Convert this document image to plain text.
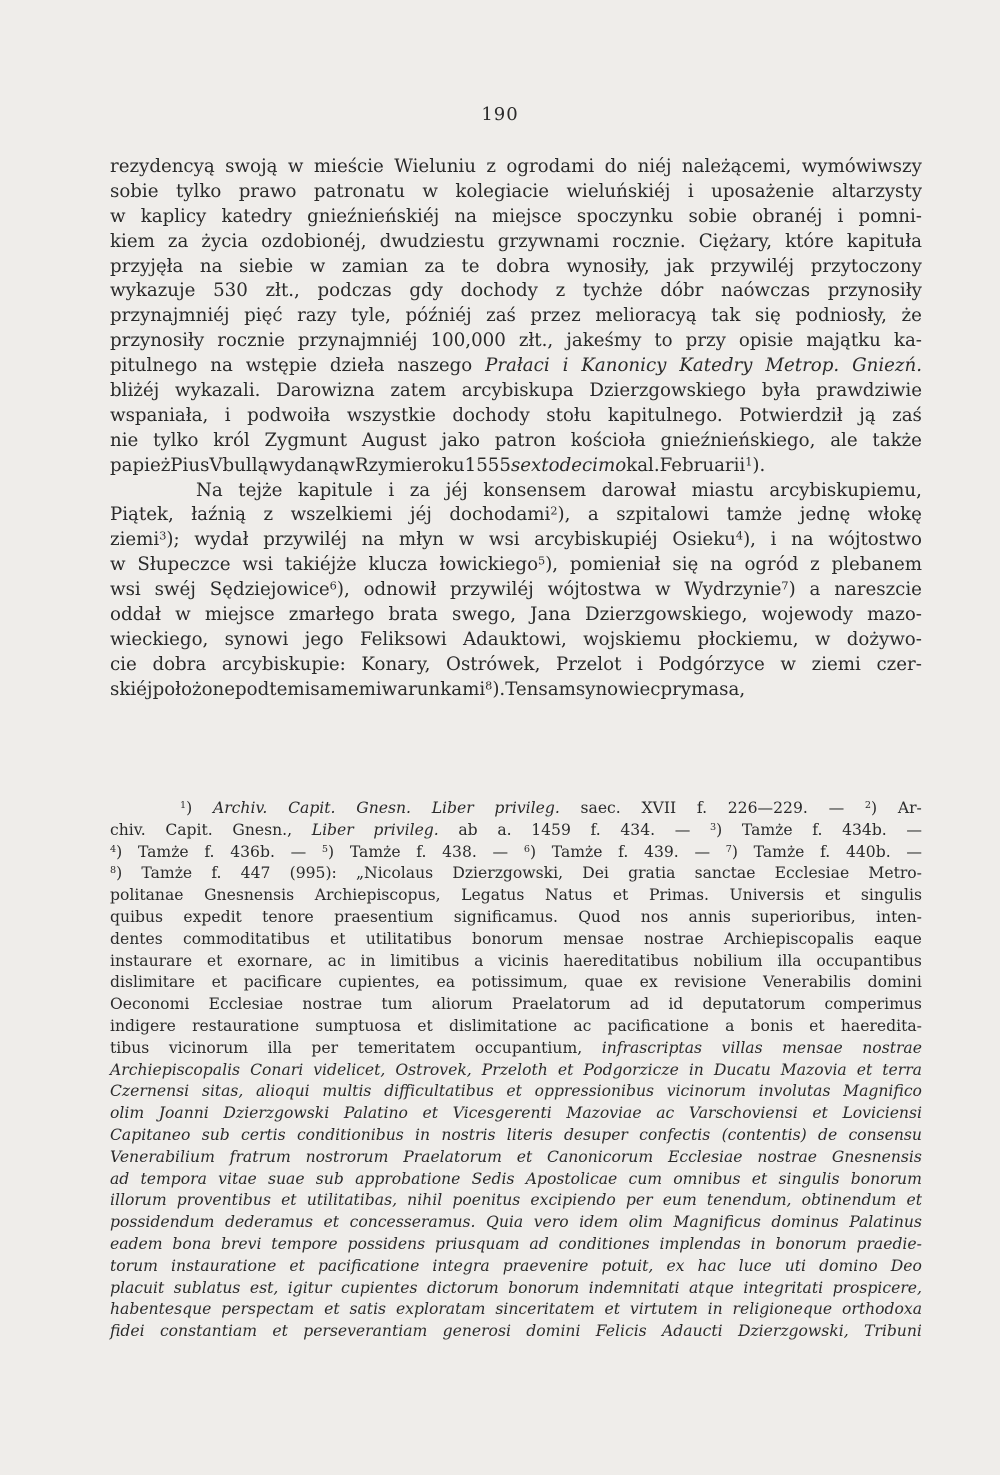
190
rezydencyą swoją w mieście Wieluniu z ogrodami do niéj należącemi, wymówiwszy
sobie tylko prawo patronatu w kolegiacie wieluńskiéj i uposażenie altarzysty
w kaplicy katedry gnieźnieńskiéj na miejsce spoczynku sobie obranéj i pomni-
kiem za życia ozdobionéj, dwudziestu grzywnami rocznie. Ciężary, które kapituła
przyjęła na siebie w zamian za te dobra wynosiły, jak przywiléj przytoczony
wykazuje 530 złt., podczas gdy dochody z tychże dóbr naówczas przynosiły
przynajmniéj pięć razy tyle, późniéj zaś przez melioracyą tak się podniosły, że
przynosiły rocznie przynajmniéj 100,000 złt., jakeśmy to przy opisie majątku ka-
pitulnego na wstępie dzieła naszego Prałaci i Kanonicy Katedry Metrop. Gniezń.
bliżéj wykazali. Darowizna zatem arcybiskupa Dzierzgowskiego była prawdziwie
wspaniała, i podwoiła wszystkie dochody stołu kapitulnego. Potwierdził ją zaś
nie tylko król Zygmunt August jako patron kościoła gnieźnieńskiego, ale także
papież Pius V bullą wydaną w Rzymie roku 1555 sexto decimo kal. Februarii$^1$).
Na tejże kapitule i za jéj konsensem darował miastu arcybiskupiemu,
Piątek, łaźnią z wszelkiemi jéj dochodami$^2$), a szpitalowi tamże jednę włokę
ziemi$^3$); wydał przywiléj na młyn w wsi arcybiskupiéj Osieku$^4$), i na wójtostwo
w Słupeczce wsi takiéjże klucza łowickiego$^5$), pomieniał się na ogród z plebanem
wsi swéj Sędziejowice$^6$), odnowił przywiléj wójtostwa w Wydrzynie$^7$) a nareszcie
oddał w miejsce zmarłego brata swego, Jana Dzierzgowskiego, wojewody mazo-
wieckiego, synowi jego Feliksowi Adauktowi, wojskiemu płockiemu, w dożywo-
cie dobra arcybiskupie: Konary, Ostrówek, Przelot i Podgórzyce w ziemi czer-
skiéj położone pod temi samemi warunkami$^8$). Ten sam synowiec prymasa,
$^1$) Archiv. Capit. Gnesn. Liber privileg. saec. XVII f. 226—229. — $^2$) Ar-
chiv. Capit. Gnesn., Liber privileg. ab a. 1459 f. 434. — $^3$) Tamże f. 434b. —
$^4$) Tamże f. 436b. — $^5$) Tamże f. 438. — $^6$) Tamże f. 439. — $^7$) Tamże f. 440b. —
$^8$) Tamże f. 447 (995): „Nicolaus Dzierzgowski, Dei gratia sanctae Ecclesiae Metro-
politanae Gnesnensis Archiepiscopus, Legatus Natus et Primas. Universis et singulis
quibus expedit tenore praesentium significamus. Quod nos annis superioribus, inten-
dentes commoditatibus et utilitatibus bonorum mensae nostrae Archiepiscopalis eaque
instaurare et exornare, ac in limitibus a vicinis haereditatibus nobilium illa occupantibus
dislimitare et pacificare cupientes, ea potissimum, quae ex revisione Venerabilis domini
Oeconomi Ecclesiae nostrae tum aliorum Praelatorum ad id deputatorum comperimus
indigere restauratione sumptuosa et dislimitatione ac pacificatione a bonis et haeredita-
tibus vicinorum illa per temeritatem occupantium, infrascriptas villas mensae nostrae
Archiepiscopalis Conari videlicet, Ostrovek, Przeloth et Podgorzicze in Ducatu Mazovia et terra
Czernensi sitas, alioqui multis difficultatibus et oppressionibus vicinorum involutas Magnifico
olim Joanni Dzierzgowski Palatino et Vicesgerenti Mazoviae ac Varschoviensi et Loviciensi
Capitaneo sub certis conditionibus in nostris literis desuper confectis (contentis) de consensu
Venerabilium fratrum nostrorum Praelatorum et Canonicorum Ecclesiae nostrae Gnesnensis
ad tempora vitae suae sub approbatione Sedis Apostolicae cum omnibus et singulis bonorum
illorum proventibus et utilitatibas, nihil poenitus excipiendo per eum tenendum, obtinendum et
possidendum dederamus et concesseramus. Quia vero idem olim Magnificus dominus Palatinus
eadem bona brevi tempore possidens priusquam ad conditiones implendas in bonorum praedie-
torum instauratione et pacificatione integra praevenire potuit, ex hac luce uti domino Deo
placuit sublatus est, igitur cupientes dictorum bonorum indemnitati atque integritati prospicere,
habentesque perspectam et satis exploratam sinceritatem et virtutem in religioneque orthodoxa
fidei constantiam et perseverantiam generosi domini Felicis Adaucti Dzierzgowski, Tribuni
